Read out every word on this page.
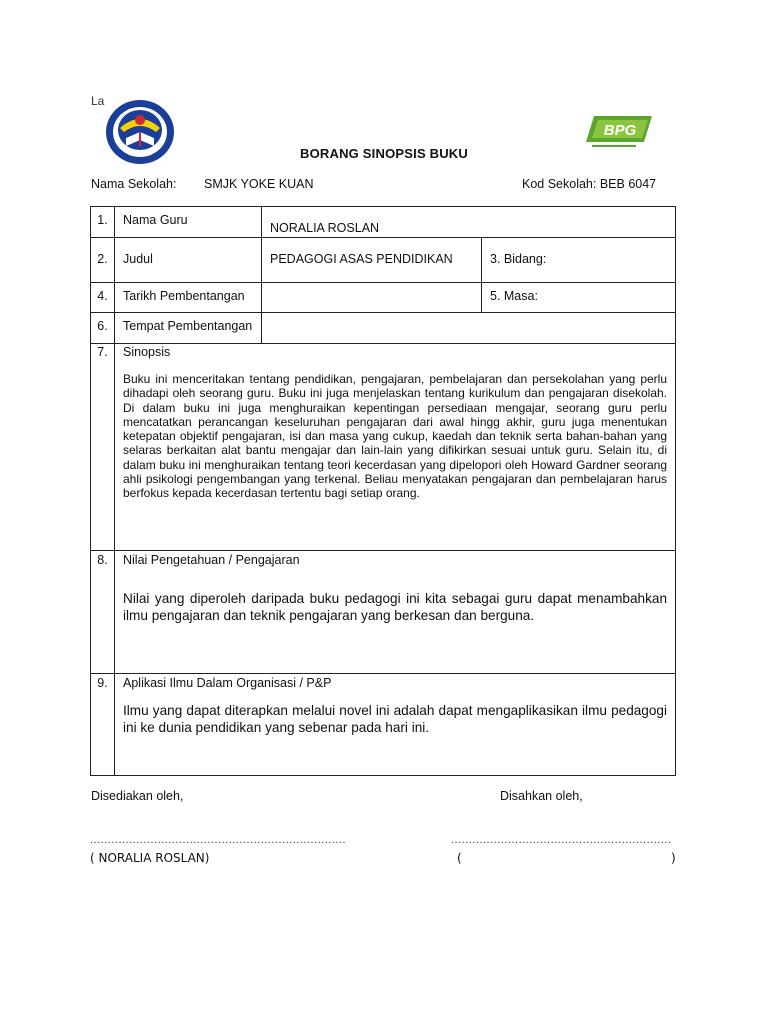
La
BPG
BORANG SINOPSIS BUKU
Nama Sekolah: SMJK YOKE KUAN	Kod Sekolah: BEB 6047
1.	Nama Guru	NORALIA ROSLAN	
2.	Judul	PEDAGOGI ASAS PENDIDIKAN	3. Bidang:
4.	Tarikh Pembentangan		5. Masa:
6.	Tempat Pembentangan		
7.	Sinopsis

Buku ini menceritakan tentang pendidikan, pengajaran, pembelajaran dan persekolahan yang perlu dihadapi oleh seorang guru. Buku ini juga menjelaskan tentang kurikulum dan pengajaran disekolah. Di dalam buku ini juga menghuraikan kepentingan persediaan mengajar, seorang guru perlu mencatatkan perancangan keseluruhan pengajaran dari awal hingg akhir, guru juga menentukan ketepatan objektif pengajaran, isi dan masa yang cukup, kaedah dan teknik serta bahan-bahan yang selaras berkaitan alat bantu mengajar dan lain-lain yang difikirkan sesuai untuk guru. Selain itu, di dalam buku ini menghuraikan tentang teori kecerdasan yang dipelopori oleh Howard Gardner seorang ahli psikologi pengembangan yang terkenal. Beliau menyatakan pengajaran dan pembelajaran harus berfokus kepada kecerdasan tertentu bagi setiap orang.		

8.	Nilai Pengetahuan / Pengajaran

Nilai yang diperoleh daripada buku pedagogi ini kita sebagai guru dapat menambahkan ilmu pengajaran dan teknik pengajaran yang berkesan dan berguna.		

9.	Aplikasi Ilmu Dalam Organisasi / P&P

Ilmu yang dapat diterapkan melalui novel ini adalah dapat mengaplikasikan ilmu pedagogi ini ke dunia pendidikan yang sebenar pada hari ini.		

Disediakan oleh,	Disahkan oleh,
........................................................................	..............................................................
( NORALIA ROSLAN)	(	)
